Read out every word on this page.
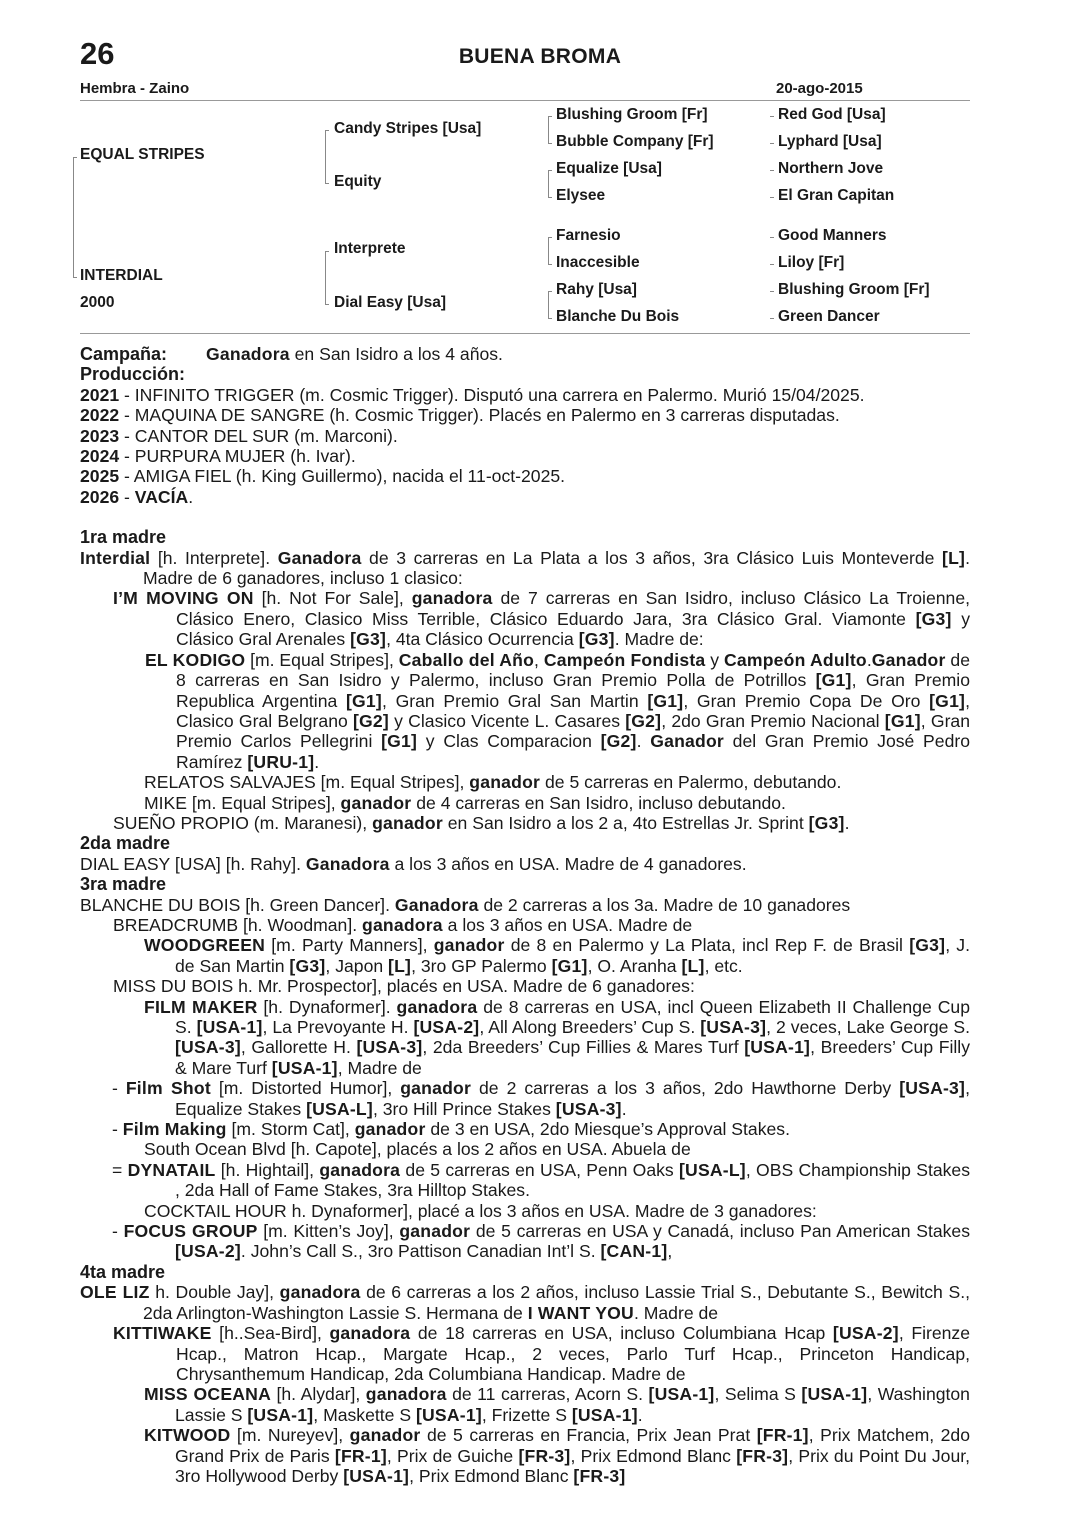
26	BUENA BROMA
Hembra - Zaino	20-ago-2015
EQUAL STRIPES
INTERDIAL
2000
Candy Stripes [Usa]
Equity
Interprete
Dial Easy [Usa]
Blushing Groom [Fr]
Bubble Company [Fr]
Equalize [Usa]
Elysee
Farnesio
Inaccesible
Rahy [Usa]
Blanche Du Bois
Red God [Usa]
Lyphard [Usa]
Northern Jove
El Gran Capitan
Good Manners
Liloy [Fr]
Blushing Groom [Fr]
Green Dancer

Campaña: Ganadora en San Isidro a los 4 años.

Producción:

2021 - INFINITO TRIGGER (m. Cosmic Trigger). Disputó una carrera en Palermo. Murió 15/04/2025.

2022 - MAQUINA DE SANGRE (h. Cosmic Trigger). Placés en Palermo en 3 carreras disputadas.

2023 - CANTOR DEL SUR (m. Marconi).

2024 - PURPURA MUJER (h. Ivar).

2025 - AMIGA FIEL (h. King Guillermo), nacida el 11-oct-2025.

2026 - VACÍA.

1ra madre

Interdial [h. Interprete]. Ganadora de 3 carreras en La Plata a los 3 años, 3ra Clásico Luis Monteverde [L]. Madre de 6 ganadores, incluso 1 clasico:

I’M MOVING ON [h. Not For Sale], ganadora de 7 carreras en San Isidro, incluso Clásico La Troienne, Clásico Enero, Clasico Miss Terrible, Clásico Eduardo Jara, 3ra Clásico Gral. Viamonte [G3] y Clásico Gral Arenales [G3], 4ta Clásico Ocurrencia [G3]. Madre de:

EL KODIGO [m. Equal Stripes], Caballo del Año, Campeón Fondista y Campeón Adulto.Ganador de 8 carreras en San Isidro y Palermo, incluso Gran Premio Polla de Potrillos [G1], Gran Premio Republica Argentina [G1], Gran Premio Gral San Martin [G1], Gran Premio Copa De Oro [G1], Clasico Gral Belgrano [G2] y Clasico Vicente L. Casares [G2], 2do Gran Premio Nacional [G1], Gran Premio Carlos Pellegrini [G1] y Clas Comparacion [G2]. Ganador del Gran Premio José Pedro Ramírez [URU-1].

RELATOS SALVAJES [m. Equal Stripes], ganador de 5 carreras en Palermo, debutando.

MIKE [m. Equal Stripes], ganador de 4 carreras en San Isidro, incluso debutando.

SUEÑO PROPIO (m. Maranesi), ganador en San Isidro a los 2 a, 4to Estrellas Jr. Sprint [G3].

2da madre

DIAL EASY [USA] [h. Rahy]. Ganadora a los 3 años en USA. Madre de 4 ganadores.

3ra madre

BLANCHE DU BOIS [h. Green Dancer]. Ganadora de 2 carreras a los 3a. Madre de 10 ganadores

BREADCRUMB [h. Woodman]. ganadora a los 3 años en USA. Madre de

WOODGREEN [m. Party Manners], ganador de 8 en Palermo y La Plata, incl Rep F. de Brasil [G3], J. de San Martin [G3], Japon [L], 3ro GP Palermo [G1], O. Aranha [L], etc.

MISS DU BOIS h. Mr. Prospector], placés en USA. Madre de 6 ganadores:

FILM MAKER [h. Dynaformer]. ganadora de 8 carreras en USA, incl Queen Elizabeth II Challenge Cup S. [USA-1], La Prevoyante H. [USA-2], All Along Breeders’ Cup S. [USA-3], 2 veces, Lake George S. [USA-3], Gallorette H. [USA-3], 2da Breeders’ Cup Fillies & Mares Turf [USA-1], Breeders’ Cup Filly & Mare Turf [USA-1], Madre de

- Film Shot [m. Distorted Humor], ganador de 2 carreras a los 3 años, 2do Hawthorne Derby [USA-3], Equalize Stakes [USA-L], 3ro Hill Prince Stakes [USA-3].

- Film Making [m. Storm Cat], ganador de 3 en USA, 2do Miesque’s Approval Stakes.

South Ocean Blvd [h. Capote], placés a los 2 años en USA. Abuela de

= DYNATAIL [h. Hightail], ganadora de 5 carreras en USA, Penn Oaks [USA-L], OBS Championship Stakes , 2da Hall of Fame Stakes, 3ra Hilltop Stakes.

COCKTAIL HOUR h. Dynaformer], placé a los 3 años en USA. Madre de 3 ganadores:

- FOCUS GROUP [m. Kitten’s Joy], ganador de 5 carreras en USA y Canadá, incluso Pan American Stakes [USA-2]. John’s Call S., 3ro Pattison Canadian Int’l S. [CAN-1],

4ta madre

OLE LIZ h. Double Jay], ganadora de 6 carreras a los 2 años, incluso Lassie Trial S., Debutante S., Bewitch S., 2da Arlington-Washington Lassie S. Hermana de I WANT YOU. Madre de

KITTIWAKE [h..Sea-Bird], ganadora de 18 carreras en USA, incluso Columbiana Hcap [USA-2], Firenze Hcap., Matron Hcap., Margate Hcap., 2 veces, Parlo Turf Hcap., Princeton Handicap, Chrysanthemum Handicap, 2da Columbiana Handicap. Madre de

MISS OCEANA [h. Alydar], ganadora de 11 carreras, Acorn S. [USA-1], Selima S [USA-1], Washington Lassie S [USA-1], Maskette S [USA-1], Frizette S [USA-1].

KITWOOD [m. Nureyev], ganador de 5 carreras en Francia, Prix Jean Prat [FR-1], Prix Matchem, 2do Grand Prix de Paris [FR-1], Prix de Guiche [FR-3], Prix Edmond Blanc [FR-3], Prix du Point Du Jour, 3ro Hollywood Derby [USA-1], Prix Edmond Blanc [FR-3]
